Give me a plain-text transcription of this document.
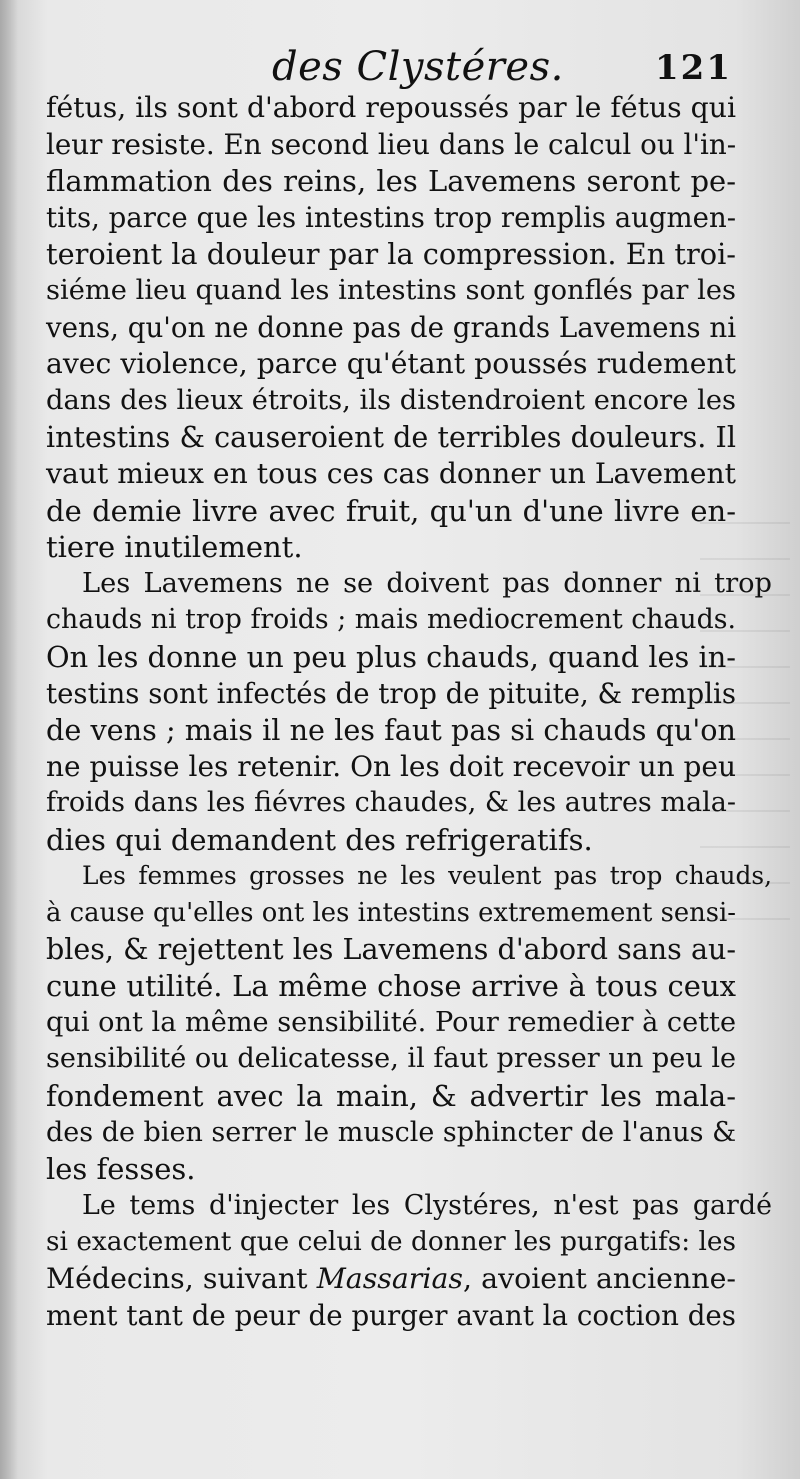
des Clystéres.	121
fétus, ils sont d'abord repoussés par le fétus qui
leur resiste. En second lieu dans le calcul ou l'in-
flammation des reins, les Lavemens seront pe-
tits, parce que les intestins trop remplis augmen-
teroient la douleur par la compression. En troi-
siéme lieu quand les intestins sont gonflés par les
vens, qu'on ne donne pas de grands Lavemens ni
avec violence, parce qu'étant poussés rudement
dans des lieux étroits, ils distendroient encore les
intestins & causeroient de terribles douleurs. Il
vaut mieux en tous ces cas donner un Lavement
de demie livre avec fruit, qu'un d'une livre en-
tiere inutilement.
Les Lavemens ne se doivent pas donner ni trop
chauds ni trop froids ; mais mediocrement chauds.
On les donne un peu plus chauds, quand les in-
testins sont infectés de trop de pituite, & remplis
de vens ; mais il ne les faut pas si chauds qu'on
ne puisse les retenir. On les doit recevoir un peu
froids dans les fiévres chaudes, & les autres mala-
dies qui demandent des refrigeratifs.
Les femmes grosses ne les veulent pas trop chauds,
à cause qu'elles ont les intestins extremement sensi-
bles, & rejettent les Lavemens d'abord sans au-
cune utilité. La même chose arrive à tous ceux
qui ont la même sensibilité. Pour remedier à cette
sensibilité ou delicatesse, il faut presser un peu le
fondement avec la main, & advertir les mala-
des de bien serrer le muscle sphincter de l'anus &
les fesses.
Le tems d'injecter les Clystéres, n'est pas gardé
si exactement que celui de donner les purgatifs: les
Médecins, suivant Massarias, avoient ancienne-
ment tant de peur de purger avant la coction des
